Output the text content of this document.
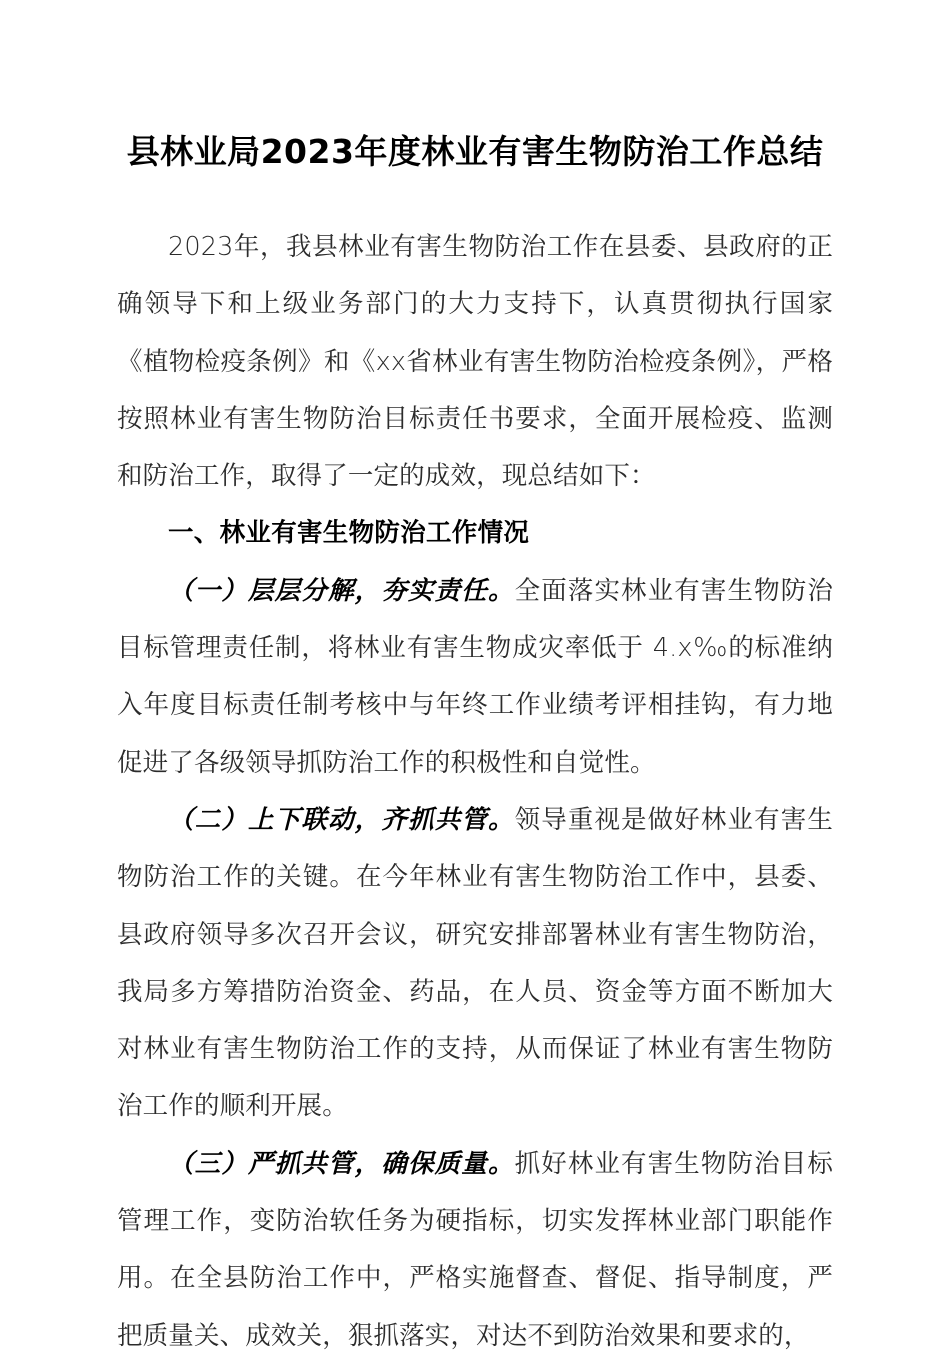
县林业局2023年度林业有害生物防治工作总结

2023年，我县林业有害生物防治工作在县委、县政府的正确领导下和上级业务部门的大力支持下，认真贯彻执行国家《植物检疫条例》和《xx省林业有害生物防治检疫条例》，严格按照林业有害生物防治目标责任书要求，全面开展检疫、监测和防治工作，取得了一定的成效，现总结如下：

一、林业有害生物防治工作情况

（一）层层分解，夯实责任。全面落实林业有害生物防治目标管理责任制，将林业有害生物成灾率低于 4.x‰的标准纳入年度目标责任制考核中与年终工作业绩考评相挂钩，有力地促进了各级领导抓防治工作的积极性和自觉性。

（二）上下联动，齐抓共管。领导重视是做好林业有害生物防治工作的关键。在今年林业有害生物防治工作中，县委、县政府领导多次召开会议，研究安排部署林业有害生物防治，我局多方筹措防治资金、药品，在人员、资金等方面不断加大对林业有害生物防治工作的支持，从而保证了林业有害生物防治工作的顺利开展。

（三）严抓共管，确保质量。抓好林业有害生物防治目标管理工作，变防治软任务为硬指标，切实发挥林业部门职能作用。在全县防治工作中，严格实施督查、督促、指导制度，严把质量关、成效关，狠抓落实，对达不到防治效果和要求的，
